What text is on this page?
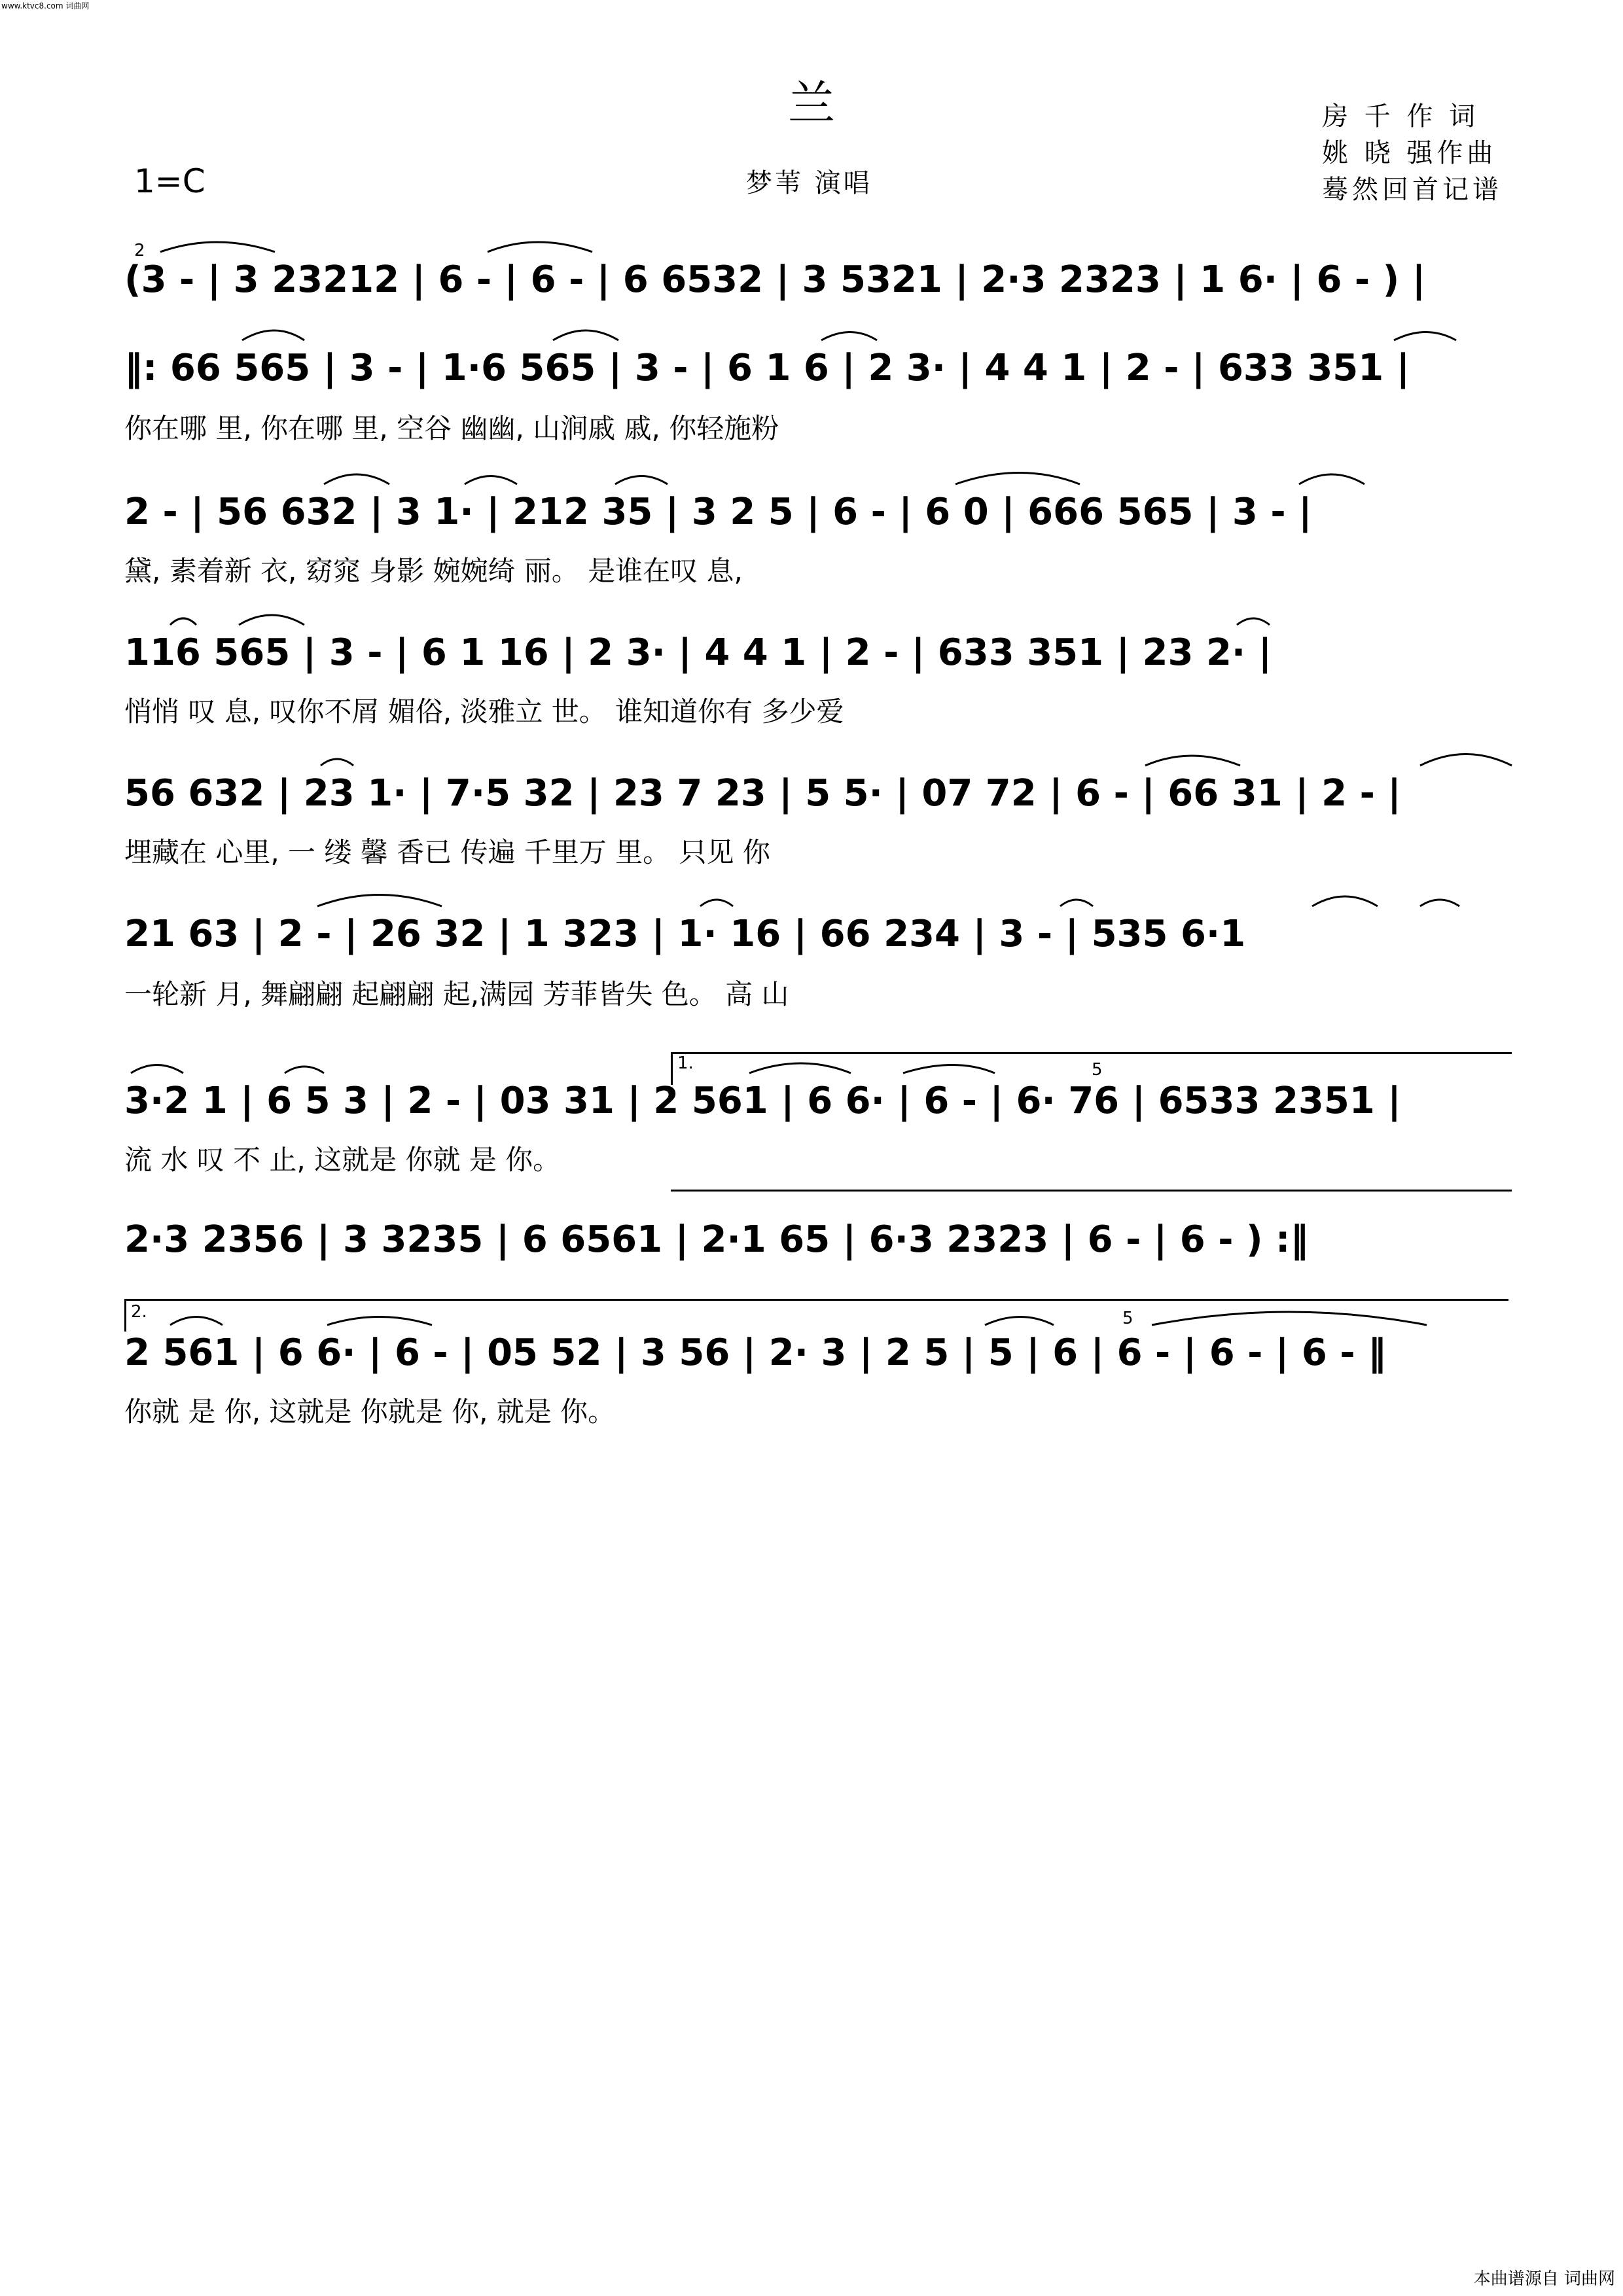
www.ktvc8.com 词曲网
兰	房 千 作 词
姚 晓 强作曲
蓦然回首记谱
1=C	梦苇 演唱
(3 - | 3 23212 | 6 - | 6 - | 6 6532 | 3 5321 | 2·3 2323 | 1 6· | 6 - ) |
‖: 66 565 | 3 - | 1·6 565 | 3 - | 6 1 6 | 2 3· | 4 4 1 | 2 - | 633 351 |
你在哪 里, 你在哪 里, 空谷 幽幽, 山涧戚 戚, 你轻施粉
2 - | 56 632 | 3 1· | 212 35 | 3 2 5 | 6 - | 6 0 | 666 565 | 3 - |
黛, 素着新 衣, 窈窕 身影 婉婉绮 丽。 是谁在叹 息,
116 565 | 3 - | 6 1 16 | 2 3· | 4 4 1 | 2 - | 633 351 | 23 2· |
悄悄 叹 息, 叹你不屑 媚俗, 淡雅立 世。 谁知道你有 多少爱
56 632 | 23 1· | 7·5 32 | 23 7 23 | 5 5· | 07 72 | 6 - | 66 31 | 2 - |
埋藏在 心里, 一 缕 馨 香已 传遍 千里万 里。 只见 你
21 63 | 2 - | 26 32 | 1 323 | 1· 16 | 66 234 | 3 - | 535 6·1
一轮新 月, 舞翩翩 起翩翩 起,满园 芳菲皆失 色。 高 山
1.	5
3·2 1 | 6 5 3 | 2 - | 03 31 | 2 561 | 6 6· | 6 - | 6· 76 | 6533 2351 |
流 水 叹 不 止, 这就是 你就 是 你。
2·3 2356 | 3 3235 | 6 6561 | 2·1 65 | 6·3 2323 | 6 - | 6 - ) :‖
2.	5
2 561 | 6 6· | 6 - | 05 52 | 3 56 | 2· 3 | 2 5 | 5 | 6 | 6 - | 6 - | 6 - ‖
你就 是 你, 这就是 你就是 你, 就是 你。
2
本曲谱源自 词曲网
